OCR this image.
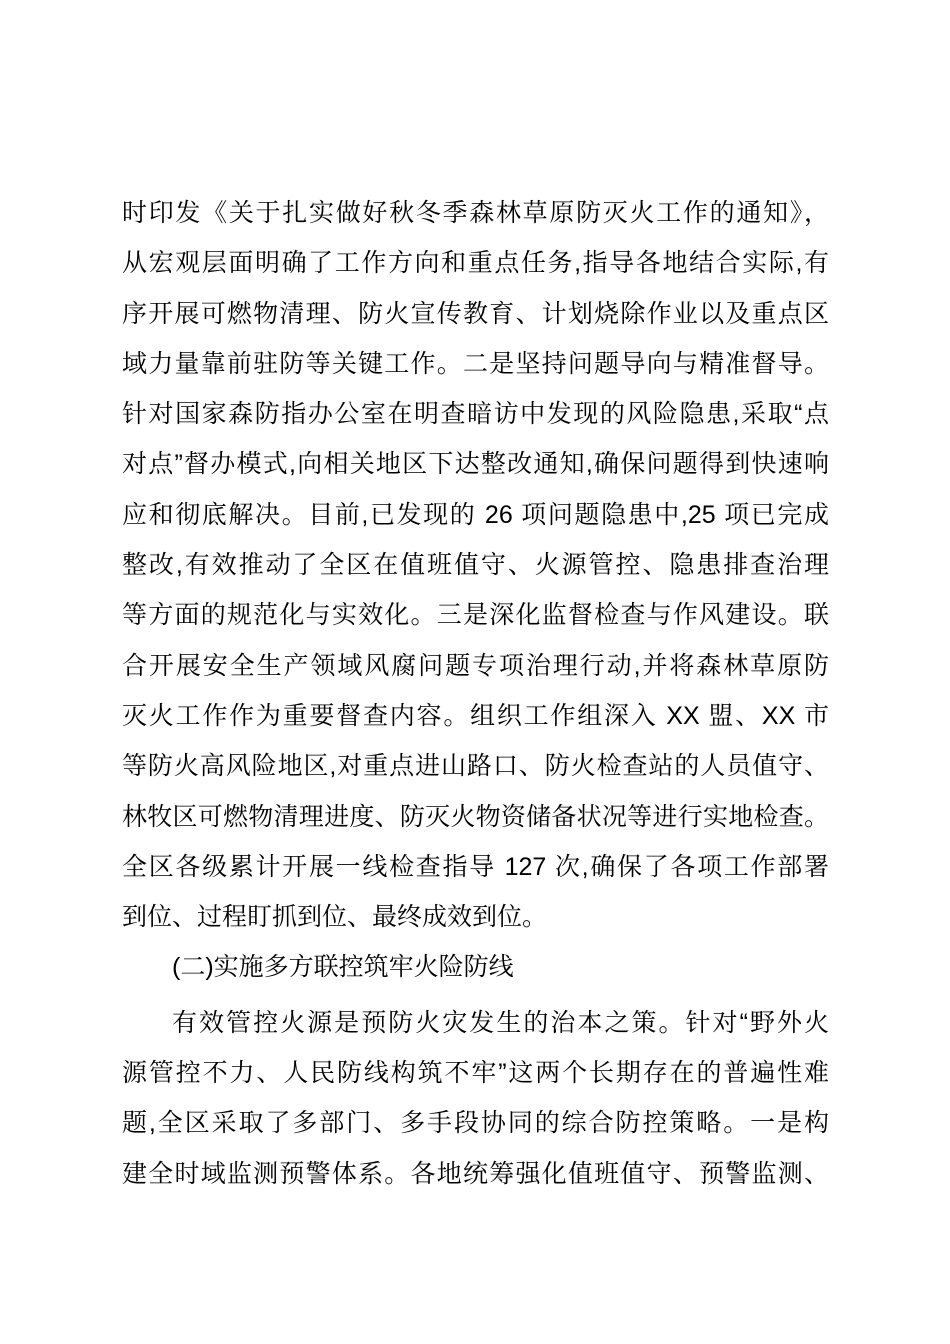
时印发《关于扎实做好秋冬季森林草原防灭火工作的通知》，
从宏观层面明确了工作方向和重点任务,指导各地结合实际,有
序开展可燃物清理、防火宣传教育、计划烧除作业以及重点区
域力量靠前驻防等关键工作。二是坚持问题导向与精准督导。
针对国家森防指办公室在明查暗访中发现的风险隐患,采取“点
对点”督办模式,向相关地区下达整改通知,确保问题得到快速响
应和彻底解决。目前,已发现的 26 项问题隐患中,25 项已完成
整改,有效推动了全区在值班值守、火源管控、隐患排查治理
等方面的规范化与实效化。三是深化监督检查与作风建设。联
合开展安全生产领域风腐问题专项治理行动,并将森林草原防
灭火工作作为重要督查内容。组织工作组深入 XX 盟、XX 市
等防火高风险地区,对重点进山路口、防火检查站的人员值守、
林牧区可燃物清理进度、防灭火物资储备状况等进行实地检查。
全区各级累计开展一线检查指导 127 次,确保了各项工作部署
到位、过程盯抓到位、最终成效到位。
(二)实施多方联控筑牢火险防线
有效管控火源是预防火灾发生的治本之策。针对“野外火
源管控不力、人民防线构筑不牢”这两个长期存在的普遍性难
题,全区采取了多部门、多手段协同的综合防控策略。一是构
建全时域监测预警体系。各地统筹强化值班值守、预警监测、
